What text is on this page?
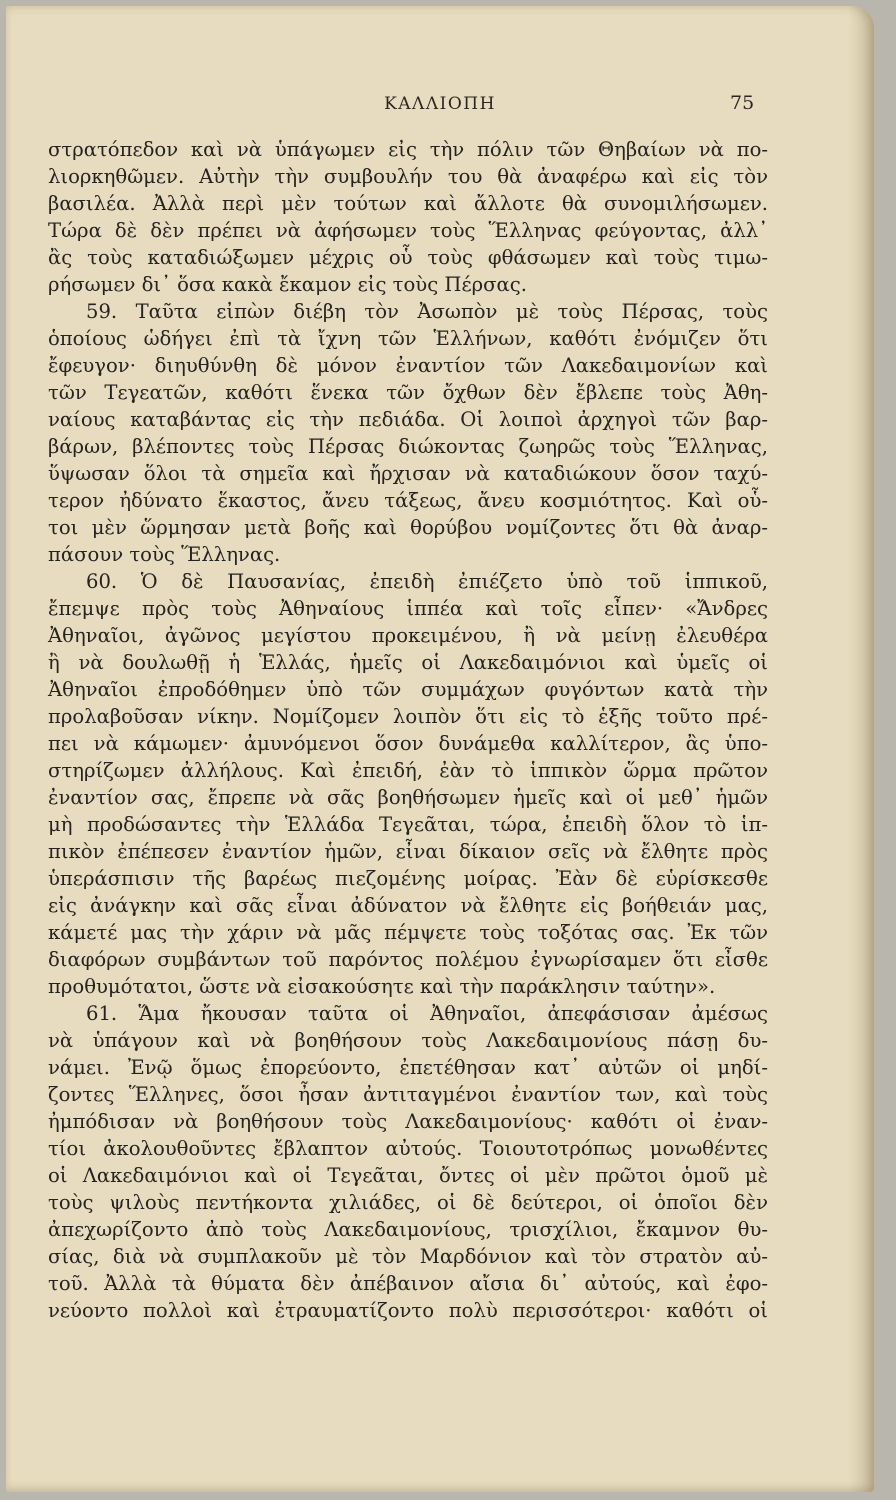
ΚΑΛΛΙΟΠΗ	75
στρατόπεδον καὶ νὰ ὑπάγωμεν εἰς τὴν πόλιν τῶν Θηβαίων νὰ πο-
λιορκηθῶμεν. Αὐτὴν τὴν συμβουλήν του θὰ ἀναφέρω καὶ εἰς τὸν
βασιλέα. Ἀλλὰ περὶ μὲν τούτων καὶ ἄλλοτε θὰ συνομιλήσωμεν.
Τώρα δὲ δὲν πρέπει νὰ ἀφήσωμεν τοὺς Ἕλληνας φεύγοντας, ἀλλ᾽
ἂς τοὺς καταδιώξωμεν μέχρις οὗ τοὺς φθάσωμεν καὶ τοὺς τιμω-
ρήσωμεν δι᾽ ὅσα κακὰ ἔκαμον εἰς τοὺς Πέρσας.
59. Ταῦτα εἰπὼν διέβη τὸν Ἀσωπὸν μὲ τοὺς Πέρσας, τοὺς
ὁποίους ὡδήγει ἐπὶ τὰ ἴχνη τῶν Ἑλλήνων, καθότι ἐνόμιζεν ὅτι
ἔφευγον· διηυθύνθη δὲ μόνον ἐναντίον τῶν Λακεδαιμονίων καὶ
τῶν Τεγεατῶν, καθότι ἕνεκα τῶν ὄχθων δὲν ἔβλεπε τοὺς Ἀθη-
ναίους καταβάντας εἰς τὴν πεδιάδα. Οἱ λοιποὶ ἀρχηγοὶ τῶν βαρ-
βάρων, βλέποντες τοὺς Πέρσας διώκοντας ζωηρῶς τοὺς Ἕλληνας,
ὕψωσαν ὅλοι τὰ σημεῖα καὶ ἤρχισαν νὰ καταδιώκουν ὅσον ταχύ-
τερον ἠδύνατο ἕκαστος, ἄνευ τάξεως, ἄνευ κοσμιότητος. Καὶ οὗ-
τοι μὲν ὥρμησαν μετὰ βοῆς καὶ θορύβου νομίζοντες ὅτι θὰ ἀναρ-
πάσουν τοὺς Ἕλληνας.
60. Ὁ δὲ Παυσανίας, ἐπειδὴ ἐπιέζετο ὑπὸ τοῦ ἱππικοῦ,
ἔπεμψε πρὸς τοὺς Ἀθηναίους ἱππέα καὶ τοῖς εἶπεν· «Ἄνδρες
Ἀθηναῖοι, ἀγῶνος μεγίστου προκειμένου, ἢ νὰ μείνῃ ἐλευθέρα
ἢ νὰ δουλωθῇ ἡ Ἑλλάς, ἡμεῖς οἱ Λακεδαιμόνιοι καὶ ὑμεῖς οἱ
Ἀθηναῖοι ἐπροδόθημεν ὑπὸ τῶν συμμάχων φυγόντων κατὰ τὴν
προλαβοῦσαν νίκην. Νομίζομεν λοιπὸν ὅτι εἰς τὸ ἑξῆς τοῦτο πρέ-
πει νὰ κάμωμεν· ἀμυνόμενοι ὅσον δυνάμεθα καλλίτερον, ἂς ὑπο-
στηρίζωμεν ἀλλήλους. Καὶ ἐπειδή, ἐὰν τὸ ἱππικὸν ὥρμα πρῶτον
ἐναντίον σας, ἔπρεπε νὰ σᾶς βοηθήσωμεν ἡμεῖς καὶ οἱ μεθ᾽ ἡμῶν
μὴ προδώσαντες τὴν Ἑλλάδα Τεγεᾶται, τώρα, ἐπειδὴ ὅλον τὸ ἱπ-
πικὸν ἐπέπεσεν ἐναντίον ἡμῶν, εἶναι δίκαιον σεῖς νὰ ἔλθητε πρὸς
ὑπεράσπισιν τῆς βαρέως πιεζομένης μοίρας. Ἐὰν δὲ εὑρίσκεσθε
εἰς ἀνάγκην καὶ σᾶς εἶναι ἀδύνατον νὰ ἔλθητε εἰς βοήθειάν μας,
κάμετέ μας τὴν χάριν νὰ μᾶς πέμψετε τοὺς τοξότας σας. Ἐκ τῶν
διαφόρων συμβάντων τοῦ παρόντος πολέμου ἐγνωρίσαμεν ὅτι εἶσθε
προθυμότατοι, ὥστε νὰ εἰσακούσητε καὶ τὴν παράκλησιν ταύτην».
61. Ἅμα ἤκουσαν ταῦτα οἱ Ἀθηναῖοι, ἀπεφάσισαν ἀμέσως
νὰ ὑπάγουν καὶ νὰ βοηθήσουν τοὺς Λακεδαιμονίους πάσῃ δυ-
νάμει. Ἐνῷ ὅμως ἐπορεύοντο, ἐπετέθησαν κατ᾽ αὐτῶν οἱ μηδί-
ζοντες Ἕλληνες, ὅσοι ἦσαν ἀντιταγμένοι ἐναντίον των, καὶ τοὺς
ἠμπόδισαν νὰ βοηθήσουν τοὺς Λακεδαιμονίους· καθότι οἱ ἐναν-
τίοι ἀκολουθοῦντες ἔβλαπτον αὐτούς. Τοιουτοτρόπως μονωθέντες
οἱ Λακεδαιμόνιοι καὶ οἱ Τεγεᾶται, ὄντες οἱ μὲν πρῶτοι ὁμοῦ μὲ
τοὺς ψιλοὺς πεντήκοντα χιλιάδες, οἱ δὲ δεύτεροι, οἱ ὁποῖοι δὲν
ἀπεχωρίζοντο ἀπὸ τοὺς Λακεδαιμονίους, τρισχίλιοι, ἔκαμνον θυ-
σίας, διὰ νὰ συμπλακοῦν μὲ τὸν Μαρδόνιον καὶ τὸν στρατὸν αὐ-
τοῦ. Ἀλλὰ τὰ θύματα δὲν ἀπέβαινον αἴσια δι᾽ αὐτούς, καὶ ἐφο-
νεύοντο πολλοὶ καὶ ἐτραυματίζοντο πολὺ περισσότεροι· καθότι οἱ
